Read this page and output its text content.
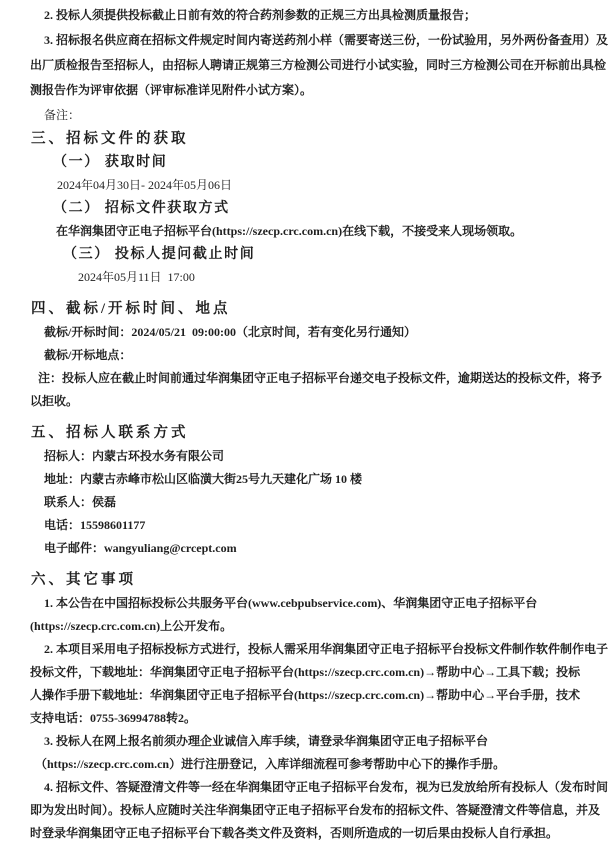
2. 投标人须提供投标截止日前有效的符合药剂参数的正规三方出具检测质量报告；
3. 招标报名供应商在招标文件规定时间内寄送药剂小样（需要寄送三份，一份试验用，另外两份备查用）及
出厂质检报告至招标人，由招标人聘请正规第三方检测公司进行小试实验，同时三方检测公司在开标前出具检
测报告作为评审依据（评审标准详见附件小试方案）。
备注：
三、招标文件的获取
（一） 获取时间
2024年04月30日- 2024年05月06日
（二） 招标文件获取方式
在华润集团守正电子招标平台(https://szecp.crc.com.cn)在线下载，不接受来人现场领取。
（三） 投标人提问截止时间
2024年05月11日  17:00
四、截标/开标时间、地点
截标/开标时间：2024/05/21  09:00:00（北京时间，若有变化另行通知）
截标/开标地点：
注：投标人应在截止时间前通过华润集团守正电子招标平台递交电子投标文件，逾期送达的投标文件，将予
以拒收。
五、招标人联系方式
招标人：内蒙古环投水务有限公司
地址：内蒙古赤峰市松山区临潢大街25号九天建化广场 10 楼
联系人：侯磊
电话：15598601177
电子邮件：wangyuliang@crcept.com
六、其它事项
1. 本公告在中国招标投标公共服务平台(www.cebpubservice.com)、华润集团守正电子招标平台
(https://szecp.crc.com.cn)上公开发布。
2. 本项目采用电子招标投标方式进行，投标人需采用华润集团守正电子招标平台投标文件制作软件制作电子
投标文件，下载地址：华润集团守正电子招标平台(https://szecp.crc.com.cn)→帮助中心→工具下载；投标
人操作手册下载地址：华润集团守正电子招标平台(https://szecp.crc.com.cn)→帮助中心→平台手册，技术
支持电话：0755-36994788转2。
3. 投标人在网上报名前须办理企业诚信入库手续，请登录华润集团守正电子招标平台
（https://szecp.crc.com.cn）进行注册登记，入库详细流程可参考帮助中心下的操作手册。
4. 招标文件、答疑澄清文件等一经在华润集团守正电子招标平台发布，视为已发放给所有投标人（发布时间
即为发出时间）。投标人应随时关注华润集团守正电子招标平台发布的招标文件、答疑澄清文件等信息，并及
时登录华润集团守正电子招标平台下载各类文件及资料，否则所造成的一切后果由投标人自行承担。
